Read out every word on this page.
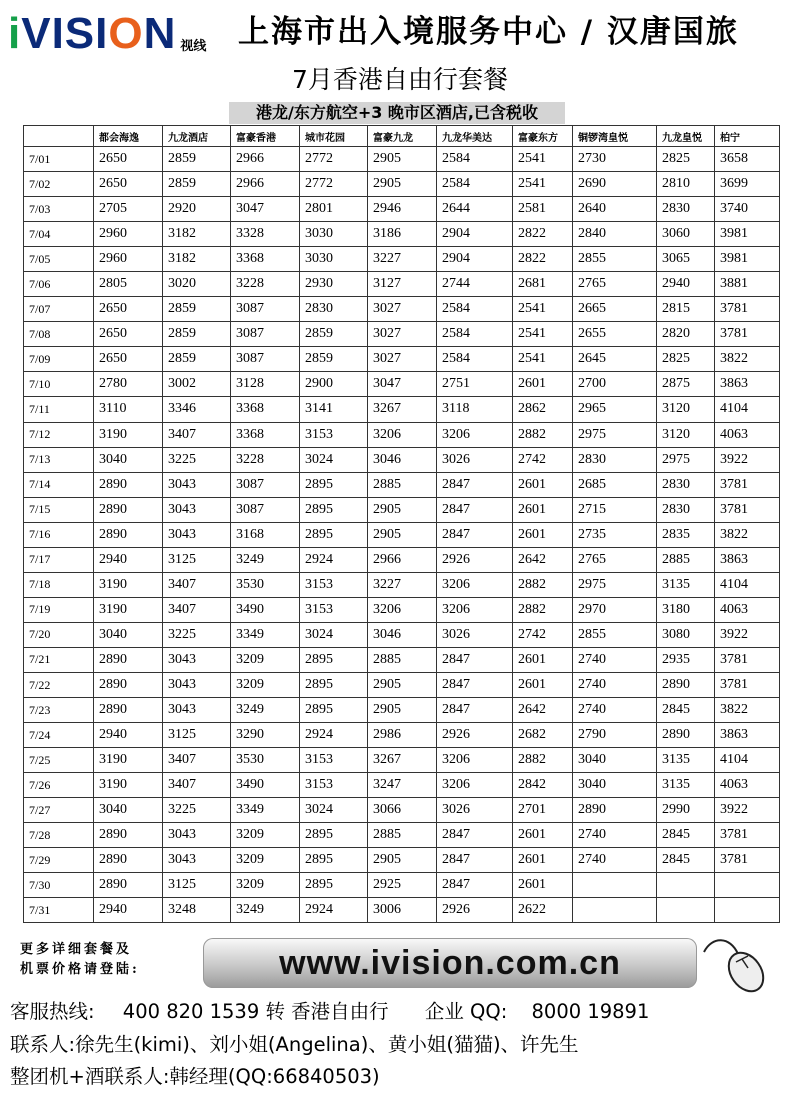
iVISION 视线 上海市出入境服务中心 / 汉唐国旅
7月香港自由行套餐
港龙/东方航空+3 晚市区酒店,已含税收
	都会海逸	九龙酒店	富豪香港	城市花园	富豪九龙	九龙华美达	富豪东方	铜锣湾皇悦	九龙皇悦	柏宁
7/01	2650	2859	2966	2772	2905	2584	2541	2730	2825	3658
7/02	2650	2859	2966	2772	2905	2584	2541	2690	2810	3699
7/03	2705	2920	3047	2801	2946	2644	2581	2640	2830	3740
7/04	2960	3182	3328	3030	3186	2904	2822	2840	3060	3981
7/05	2960	3182	3368	3030	3227	2904	2822	2855	3065	3981
7/06	2805	3020	3228	2930	3127	2744	2681	2765	2940	3881
7/07	2650	2859	3087	2830	3027	2584	2541	2665	2815	3781
7/08	2650	2859	3087	2859	3027	2584	2541	2655	2820	3781
7/09	2650	2859	3087	2859	3027	2584	2541	2645	2825	3822
7/10	2780	3002	3128	2900	3047	2751	2601	2700	2875	3863
7/11	3110	3346	3368	3141	3267	3118	2862	2965	3120	4104
7/12	3190	3407	3368	3153	3206	3206	2882	2975	3120	4063
7/13	3040	3225	3228	3024	3046	3026	2742	2830	2975	3922
7/14	2890	3043	3087	2895	2885	2847	2601	2685	2830	3781
7/15	2890	3043	3087	2895	2905	2847	2601	2715	2830	3781
7/16	2890	3043	3168	2895	2905	2847	2601	2735	2835	3822
7/17	2940	3125	3249	2924	2966	2926	2642	2765	2885	3863
7/18	3190	3407	3530	3153	3227	3206	2882	2975	3135	4104
7/19	3190	3407	3490	3153	3206	3206	2882	2970	3180	4063
7/20	3040	3225	3349	3024	3046	3026	2742	2855	3080	3922
7/21	2890	3043	3209	2895	2885	2847	2601	2740	2935	3781
7/22	2890	3043	3209	2895	2905	2847	2601	2740	2890	3781
7/23	2890	3043	3249	2895	2905	2847	2642	2740	2845	3822
7/24	2940	3125	3290	2924	2986	2926	2682	2790	2890	3863
7/25	3190	3407	3530	3153	3267	3206	2882	3040	3135	4104
7/26	3190	3407	3490	3153	3247	3206	2842	3040	3135	4063
7/27	3040	3225	3349	3024	3066	3026	2701	2890	2990	3922
7/28	2890	3043	3209	2895	2885	2847	2601	2740	2845	3781
7/29	2890	3043	3209	2895	2905	2847	2601	2740	2845	3781
7/30	2890	3125	3209	2895	2925	2847	2601			
7/31	2940	3248	3249	2924	3006	2926	2622			
更多详细套餐及
机票价格请登陆:	www.ivision.com.cn
客服热线: 400 820 1539 转 香港自由行 企业 QQ: 8000 19891
联系人:徐先生(kimi)、刘小姐(Angelina)、黄小姐(猫猫)、许先生
整团机+酒联系人:韩经理(QQ:66840503)
